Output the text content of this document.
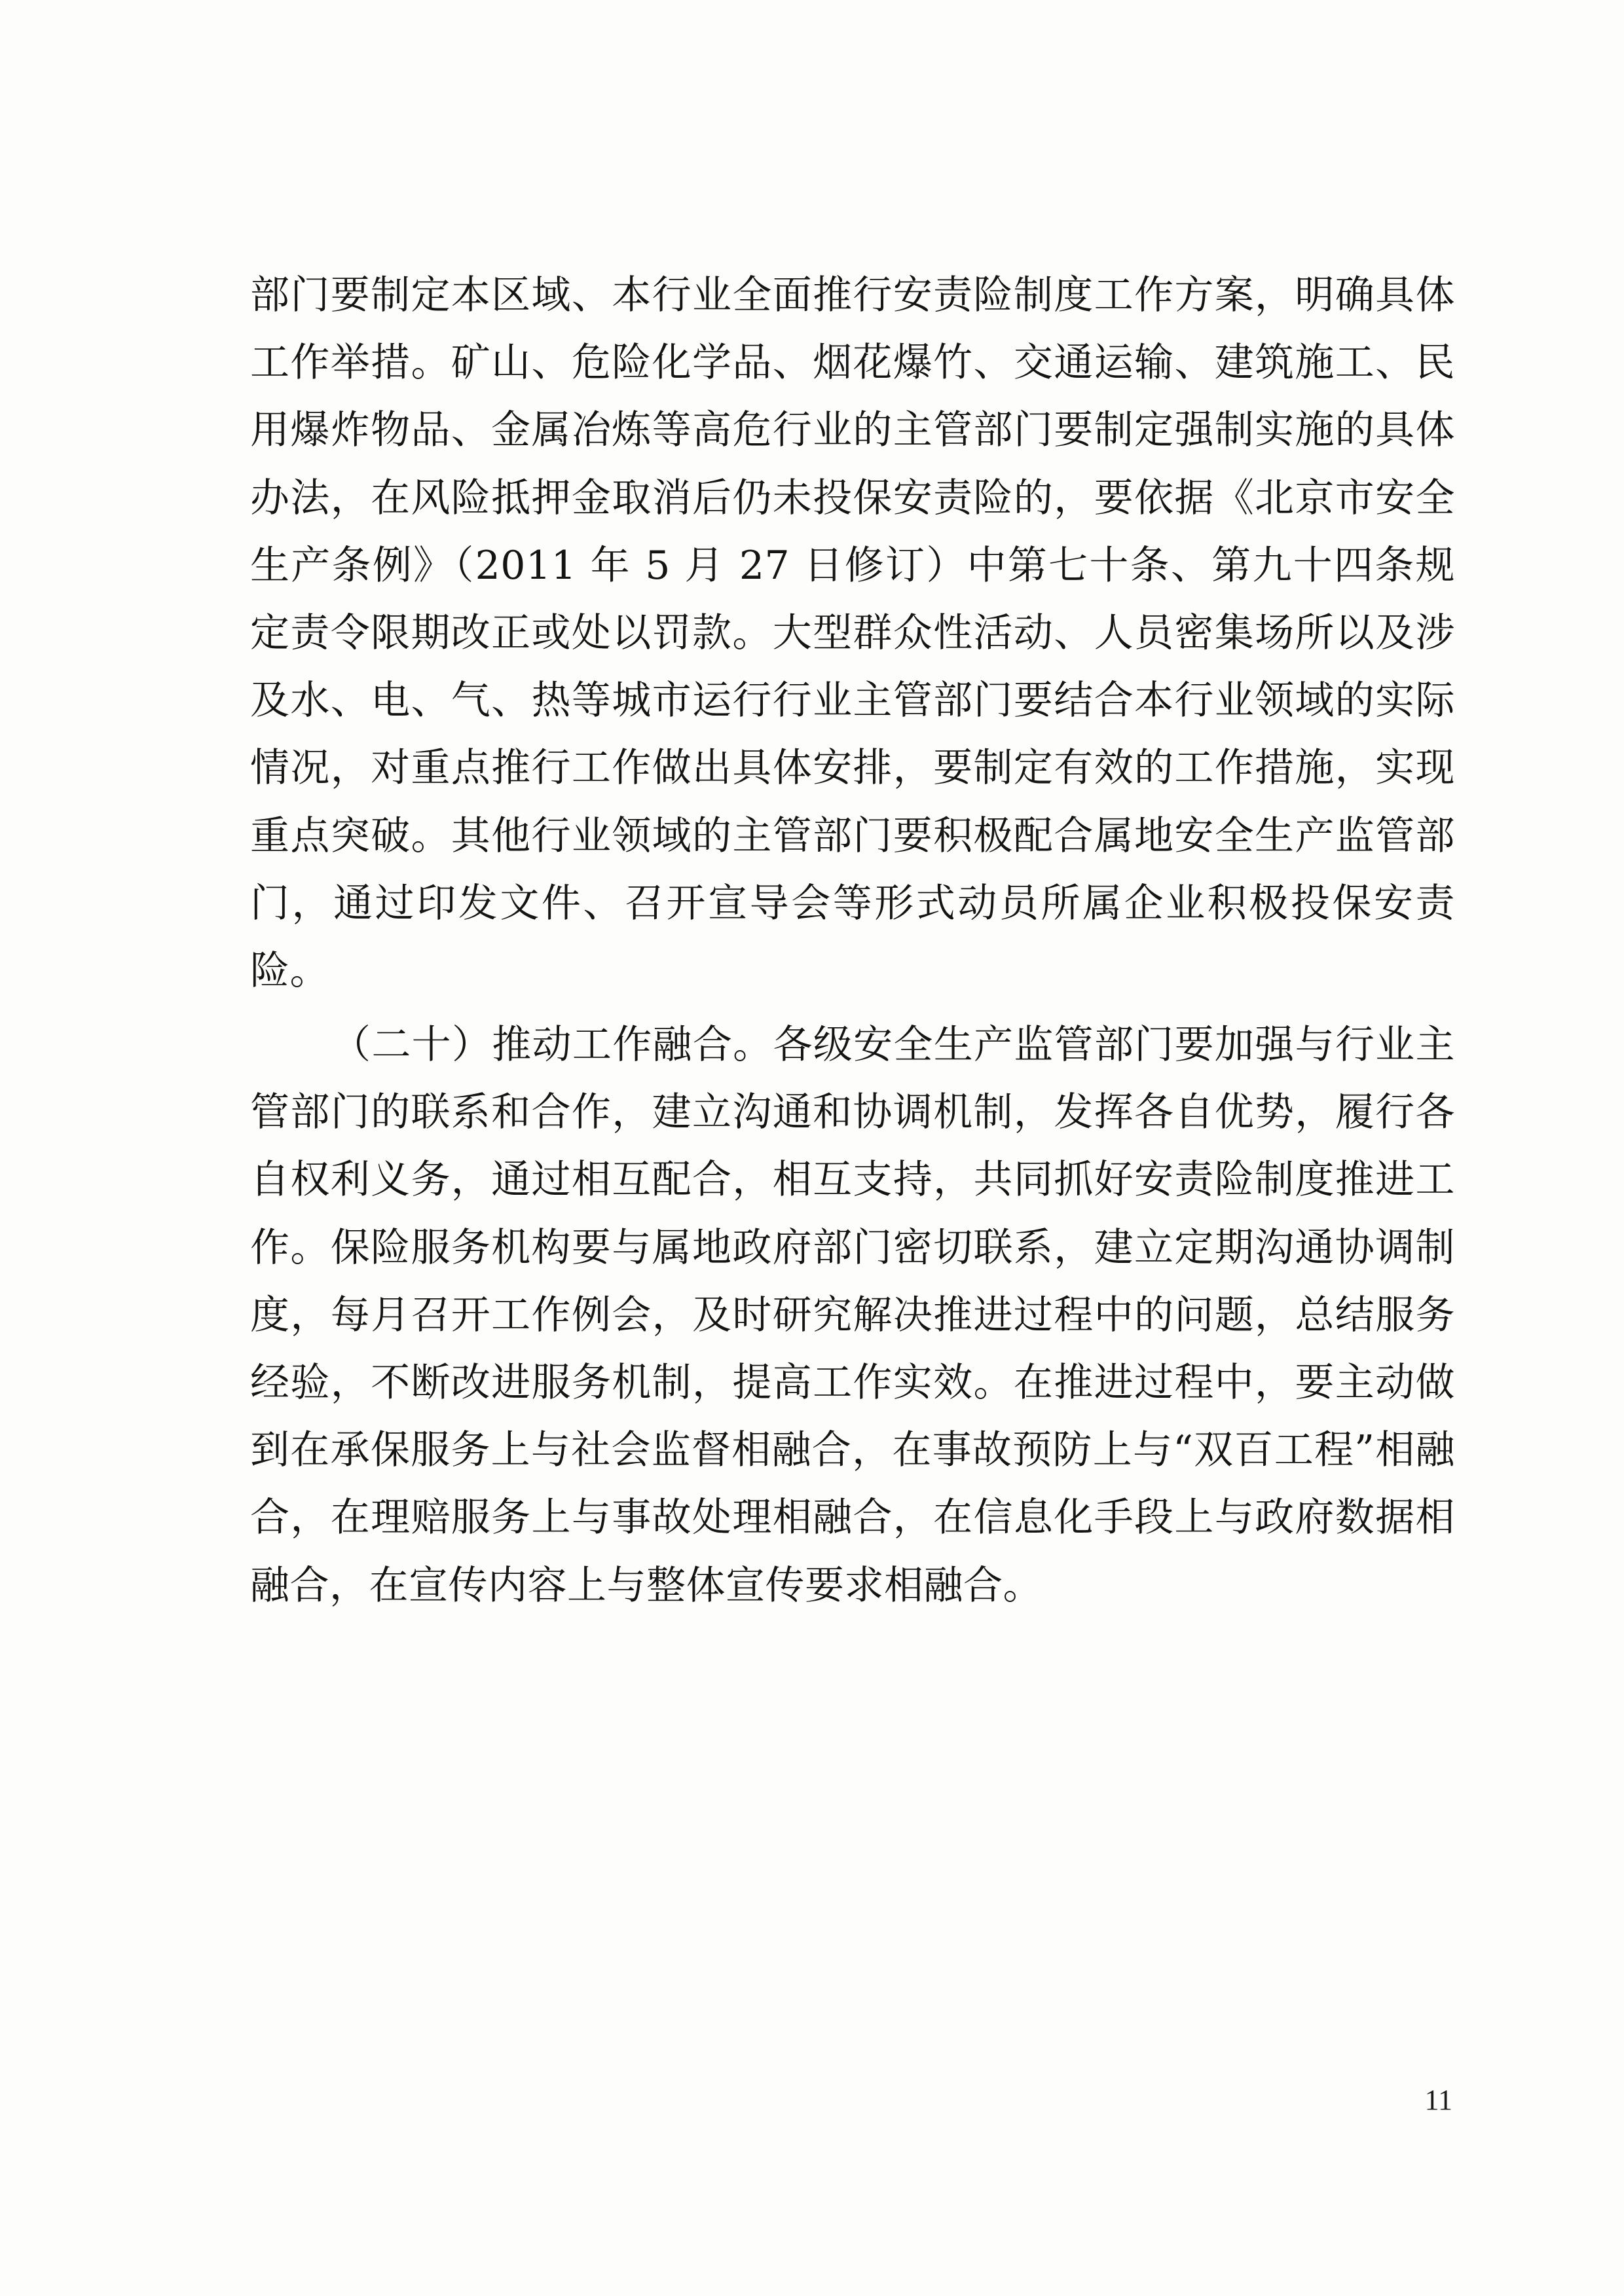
部门要制定本区域、本行业全面推行安责险制度工作方案，明确具体工作举措。矿山、危险化学品、烟花爆竹、交通运输、建筑施工、民用爆炸物品、金属冶炼等高危行业的主管部门要制定强制实施的具体办法，在风险抵押金取消后仍未投保安责险的，要依据《北京市安全生产条例》（2011 年 5 月 27 日修订）中第七十条、第九十四条规定责令限期改正或处以罚款。大型群众性活动、人员密集场所以及涉及水、电、气、热等城市运行行业主管部门要结合本行业领域的实际情况，对重点推行工作做出具体安排，要制定有效的工作措施，实现重点突破。其他行业领域的主管部门要积极配合属地安全生产监管部门，通过印发文件、召开宣导会等形式动员所属企业积极投保安责险。

（二十）推动工作融合。各级安全生产监管部门要加强与行业主管部门的联系和合作，建立沟通和协调机制，发挥各自优势，履行各自权利义务，通过相互配合，相互支持，共同抓好安责险制度推进工作。保险服务机构要与属地政府部门密切联系，建立定期沟通协调制度，每月召开工作例会，及时研究解决推进过程中的问题，总结服务经验，不断改进服务机制，提高工作实效。在推进过程中，要主动做到在承保服务上与社会监督相融合，在事故预防上与“双百工程”相融合，在理赔服务上与事故处理相融合，在信息化手段上与政府数据相融合，在宣传内容上与整体宣传要求相融合。

11
